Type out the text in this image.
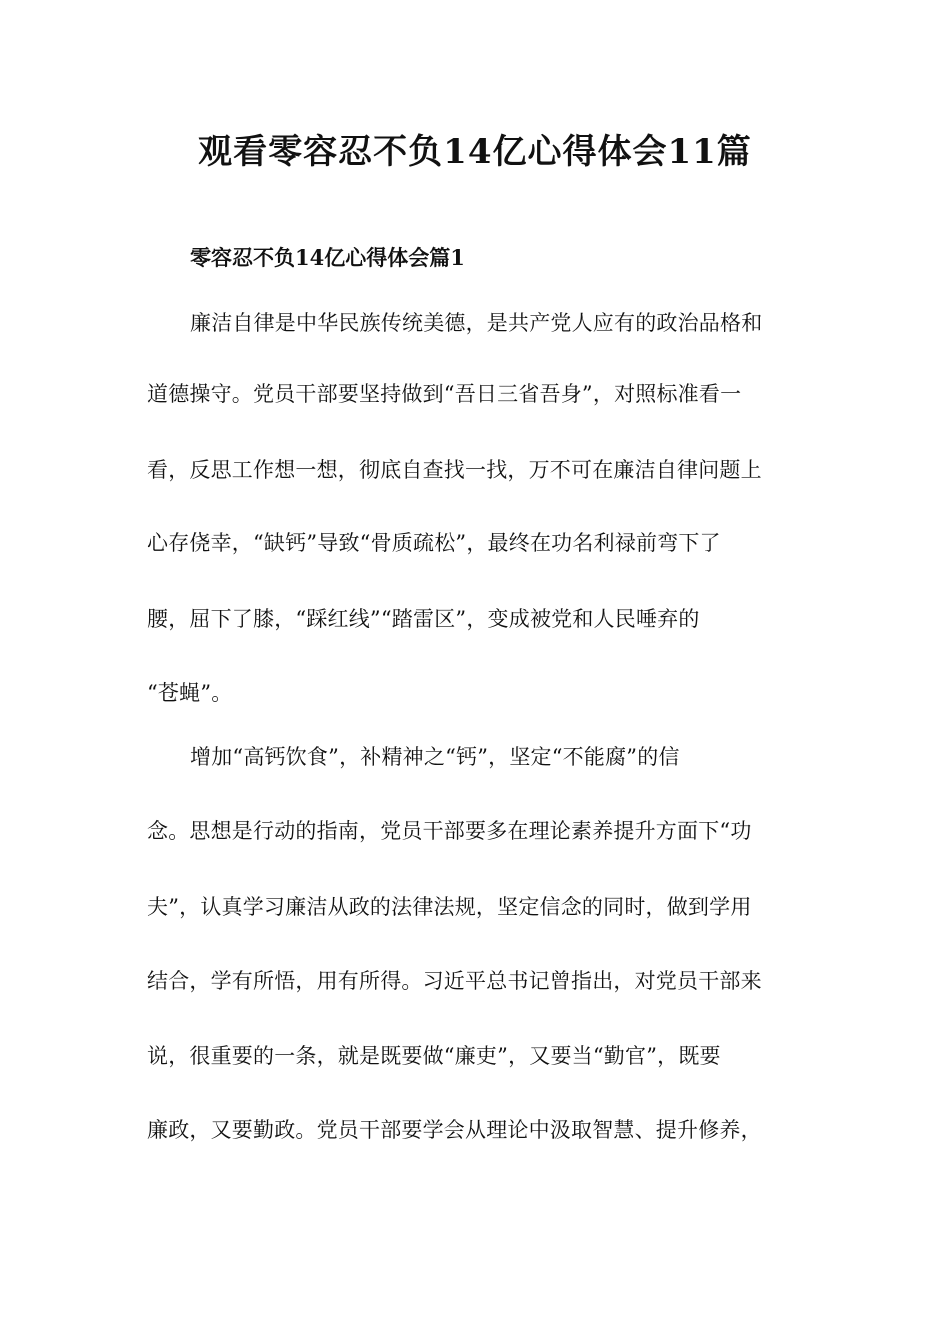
观看零容忍不负14亿心得体会11篇
零容忍不负14亿心得体会篇1
廉洁自律是中华民族传统美德，是共产党人应有的政治品格和
道德操守。党员干部要坚持做到“吾日三省吾身”，对照标准看一
看，反思工作想一想，彻底自查找一找，万不可在廉洁自律问题上
心存侥幸，“缺钙”导致“骨质疏松”，最终在功名利禄前弯下了
腰，屈下了膝，“踩红线”“踏雷区”，变成被党和人民唾弃的
“苍蝇”。
增加“高钙饮食”，补精神之“钙”，坚定“不能腐”的信
念。思想是行动的指南，党员干部要多在理论素养提升方面下“功
夫”，认真学习廉洁从政的法律法规，坚定信念的同时，做到学用
结合，学有所悟，用有所得。习近平总书记曾指出，对党员干部来
说，很重要的一条，就是既要做“廉吏”，又要当“勤官”，既要
廉政，又要勤政。党员干部要学会从理论中汲取智慧、提升修养，
